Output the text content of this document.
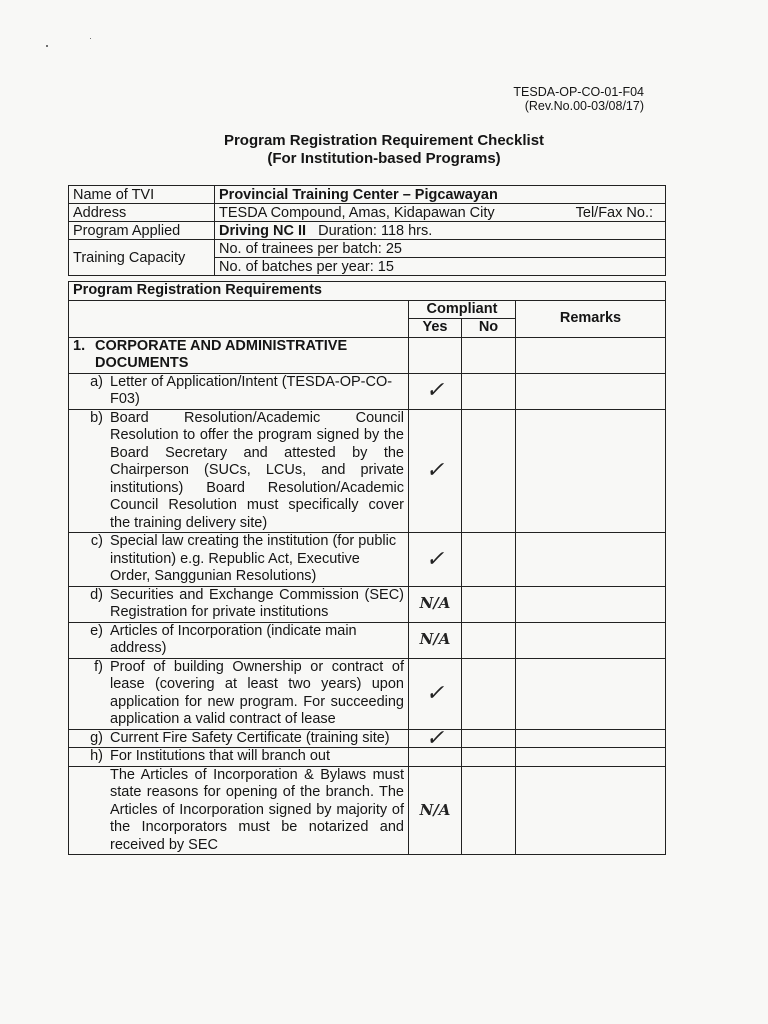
TESDA-OP-CO-01-F04
(Rev.No.00-03/08/17)
Program Registration Requirement Checklist
(For Institution-based Programs)
Name of TVI	Provincial Training Center – Pigcawayan
Address	TESDA Compound, Amas, Kidapawan City Tel/Fax No.:

Program Applied	Driving NC II Duration: 118 hrs.
Training Capacity	No. of trainees per batch: 25
	No. of batches per year: 15
Program Registration Requirements			
	Compliant		Remarks
	Yes	No	

1. CORPORATE AND ADMINISTRATIVE DOCUMENTS			

a) Letter of Application/Intent (TESDA-OP-CO-F03)	✓		

b) Board Resolution/Academic Council Resolution to offer the program signed by the Board Secretary and attested by the Chairperson (SUCs, LCUs, and private institutions) Board Resolution/Academic Council Resolution must specifically cover the training delivery site)	✓		

c) Special law creating the institution (for public institution) e.g. Republic Act, Executive Order, Sanggunian Resolutions)	✓		

d) Securities and Exchange Commission (SEC) Registration for private institutions	N/A		

e) Articles of Incorporation (indicate main address)	N/A		

f) Proof of building Ownership or contract of lease (covering at least two years) upon application for new program. For succeeding application a valid contract of lease	✓		

g) Current Fire Safety Certificate (training site)	✓		

h) For Institutions that will branch out			

The Articles of Incorporation & Bylaws must state reasons for opening of the branch. The Articles of Incorporation signed by majority of the Incorporators must be notarized and received by SEC	N/A		
